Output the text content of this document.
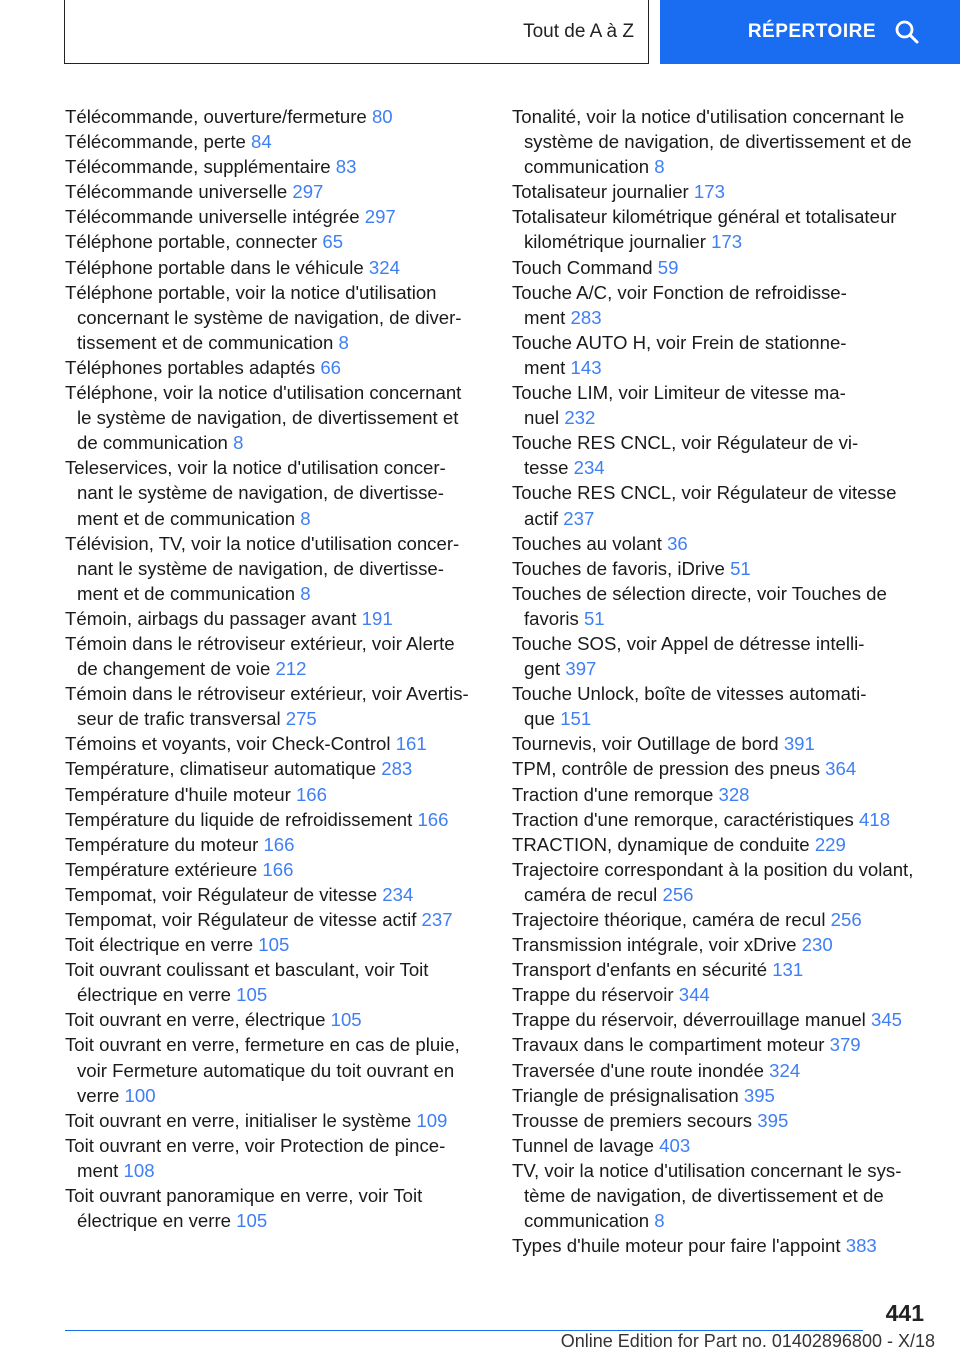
Tout de A à Z	RÉPERTOIRE
Télécommande, ouverture/fermeture 80
Télécommande, perte 84
Télécommande, supplémentaire 83
Télécommande universelle 297
Télécommande universelle intégrée 297
Téléphone portable, connecter 65
Téléphone portable dans le véhicule 324
Téléphone portable, voir la notice d'utilisation
concernant le système de navigation, de diver‐
tissement et de communication 8
Téléphones portables adaptés 66
Téléphone, voir la notice d'utilisation concernant
le système de navigation, de divertissement et
de communication 8
Teleservices, voir la notice d'utilisation concer‐
nant le système de navigation, de divertisse‐
ment et de communication 8
Télévision, TV, voir la notice d'utilisation concer‐
nant le système de navigation, de divertisse‐
ment et de communication 8
Témoin, airbags du passager avant 191
Témoin dans le rétroviseur extérieur, voir Alerte
de changement de voie 212
Témoin dans le rétroviseur extérieur, voir Avertis‐
seur de trafic transversal 275
Témoins et voyants, voir Check-Control 161
Température, climatiseur automatique 283
Température d'huile moteur 166
Température du liquide de refroidissement 166
Température du moteur 166
Température extérieure 166
Tempomat, voir Régulateur de vitesse 234
Tempomat, voir Régulateur de vitesse actif 237
Toit électrique en verre 105
Toit ouvrant coulissant et basculant, voir Toit
électrique en verre 105
Toit ouvrant en verre, électrique 105
Toit ouvrant en verre, fermeture en cas de pluie,
voir Fermeture automatique du toit ouvrant en
verre 100
Toit ouvrant en verre, initialiser le système 109
Toit ouvrant en verre, voir Protection de pince‐
ment 108
Toit ouvrant panoramique en verre, voir Toit
électrique en verre 105
Tonalité, voir la notice d'utilisation concernant le
système de navigation, de divertissement et de
communication 8
Totalisateur journalier 173
Totalisateur kilométrique général et totalisateur
kilométrique journalier 173
Touch Command 59
Touche A/C, voir Fonction de refroidisse‐
ment 283
Touche AUTO H, voir Frein de stationne‐
ment 143
Touche LIM, voir Limiteur de vitesse ma‐
nuel 232
Touche RES CNCL, voir Régulateur de vi‐
tesse 234
Touche RES CNCL, voir Régulateur de vitesse
actif 237
Touches au volant 36
Touches de favoris, iDrive 51
Touches de sélection directe, voir Touches de
favoris 51
Touche SOS, voir Appel de détresse intelli‐
gent 397
Touche Unlock, boîte de vitesses automati‐
que 151
Tournevis, voir Outillage de bord 391
TPM, contrôle de pression des pneus 364
Traction d'une remorque 328
Traction d'une remorque, caractéristiques 418
TRACTION, dynamique de conduite 229
Trajectoire correspondant à la position du volant,
caméra de recul 256
Trajectoire théorique, caméra de recul 256
Transmission intégrale, voir xDrive 230
Transport d'enfants en sécurité 131
Trappe du réservoir 344
Trappe du réservoir, déverrouillage manuel 345
Travaux dans le compartiment moteur 379
Traversée d'une route inondée 324
Triangle de présignalisation 395
Trousse de premiers secours 395
Tunnel de lavage 403
TV, voir la notice d'utilisation concernant le sys‐
tème de navigation, de divertissement et de
communication 8
Types d'huile moteur pour faire l'appoint 383
441
Online Edition for Part no. 01402896800 - X/18
